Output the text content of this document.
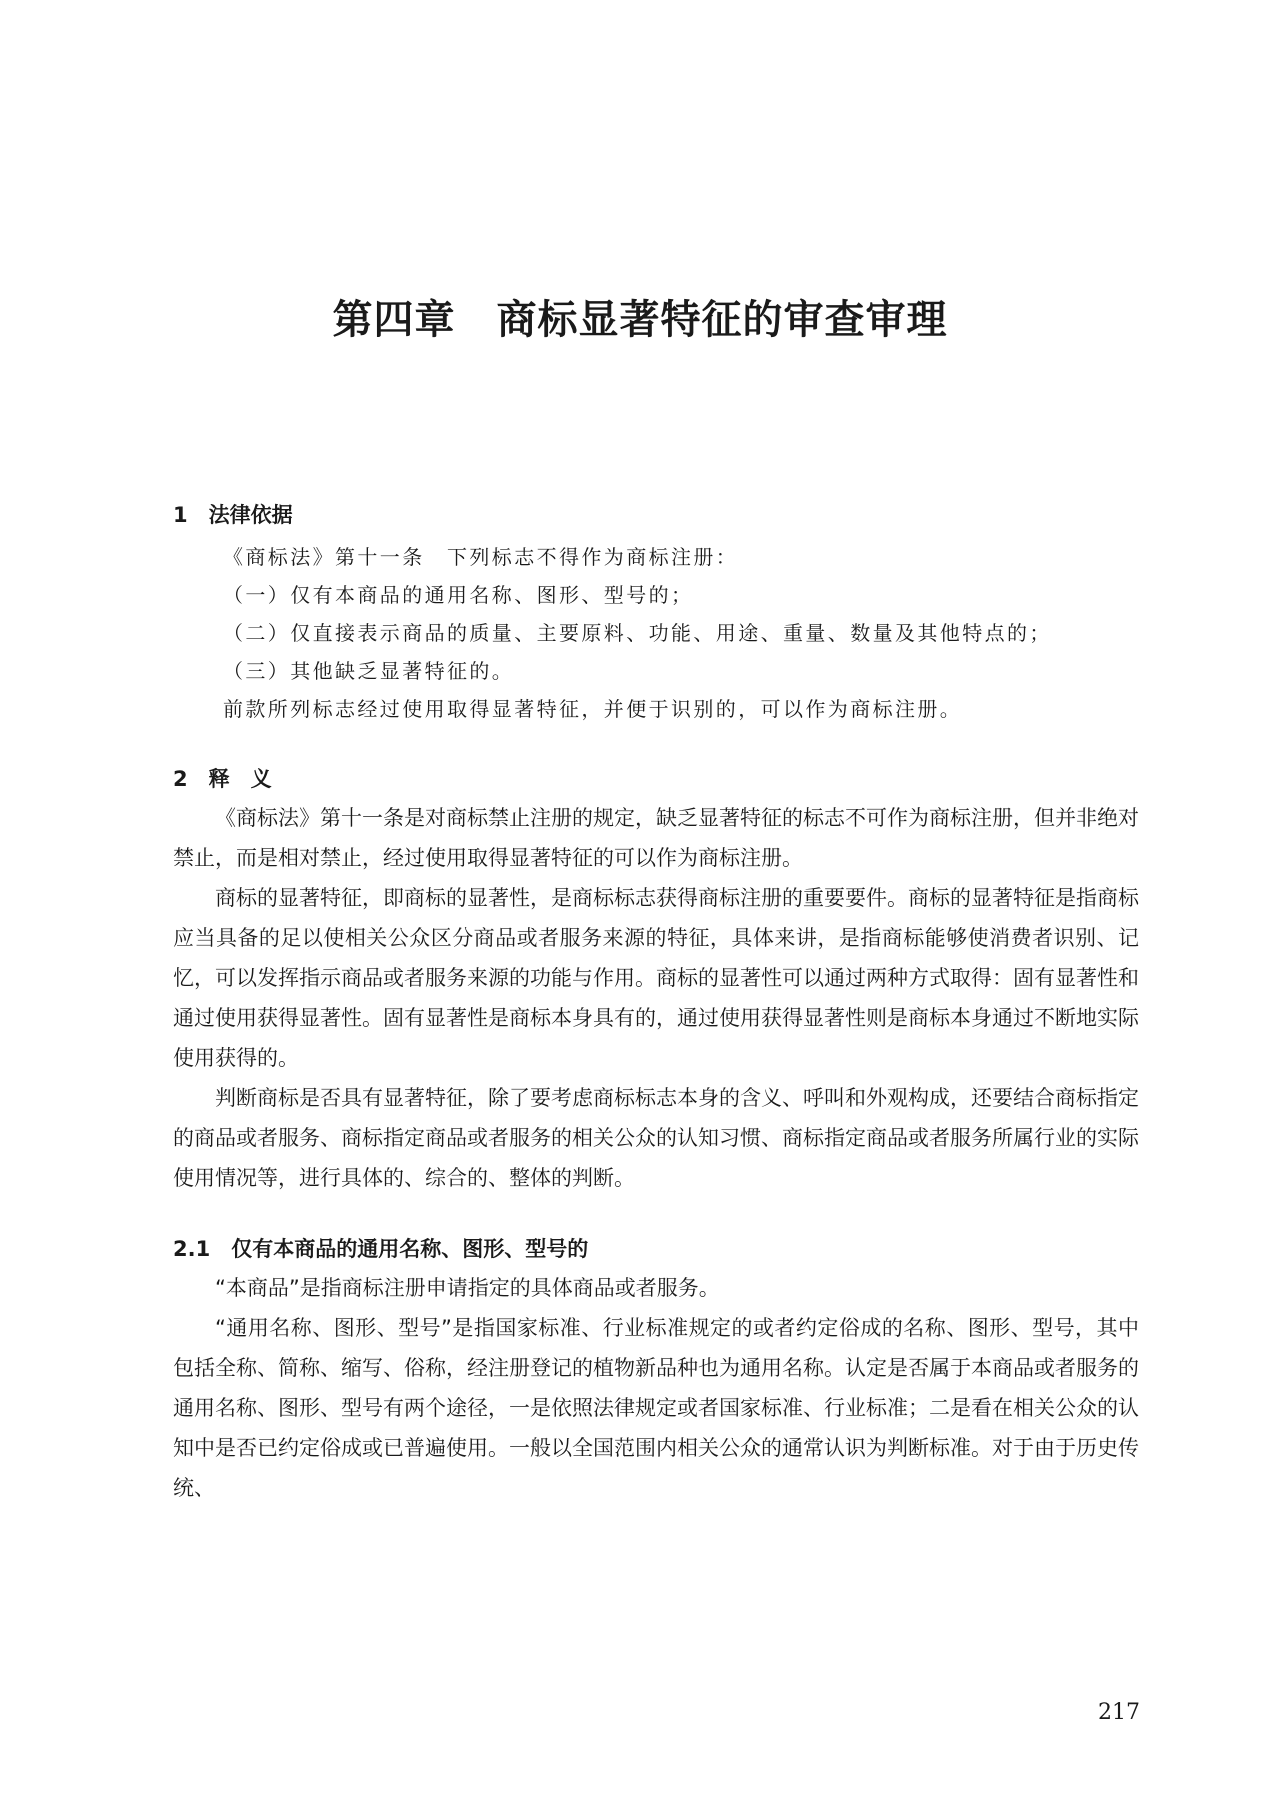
第四章　商标显著特征的审查审理
1　法律依据

《商标法》第十一条　下列标志不得作为商标注册：

（一）仅有本商品的通用名称、图形、型号的；

（二）仅直接表示商品的质量、主要原料、功能、用途、重量、数量及其他特点的；

（三）其他缺乏显著特征的。

前款所列标志经过使用取得显著特征，并便于识别的，可以作为商标注册。

2　释　义

《商标法》第十一条是对商标禁止注册的规定，缺乏显著特征的标志不可作为商标注册，但并非绝对禁止，而是相对禁止，经过使用取得显著特征的可以作为商标注册。

商标的显著特征，即商标的显著性，是商标标志获得商标注册的重要要件。商标的显著特征是指商标应当具备的足以使相关公众区分商品或者服务来源的特征，具体来讲，是指商标能够使消费者识别、记忆，可以发挥指示商品或者服务来源的功能与作用。商标的显著性可以通过两种方式取得：固有显著性和通过使用获得显著性。固有显著性是商标本身具有的，通过使用获得显著性则是商标本身通过不断地实际使用获得的。

判断商标是否具有显著特征，除了要考虑商标标志本身的含义、呼叫和外观构成，还要结合商标指定的商品或者服务、商标指定商品或者服务的相关公众的认知习惯、商标指定商品或者服务所属行业的实际使用情况等，进行具体的、综合的、整体的判断。

2.1　仅有本商品的通用名称、图形、型号的

“本商品”是指商标注册申请指定的具体商品或者服务。

“通用名称、图形、型号”是指国家标准、行业标准规定的或者约定俗成的名称、图形、型号，其中包括全称、简称、缩写、俗称，经注册登记的植物新品种也为通用名称。认定是否属于本商品或者服务的通用名称、图形、型号有两个途径，一是依照法律规定或者国家标准、行业标准；二是看在相关公众的认知中是否已约定俗成或已普遍使用。一般以全国范围内相关公众的通常认识为判断标准。对于由于历史传统、

217
